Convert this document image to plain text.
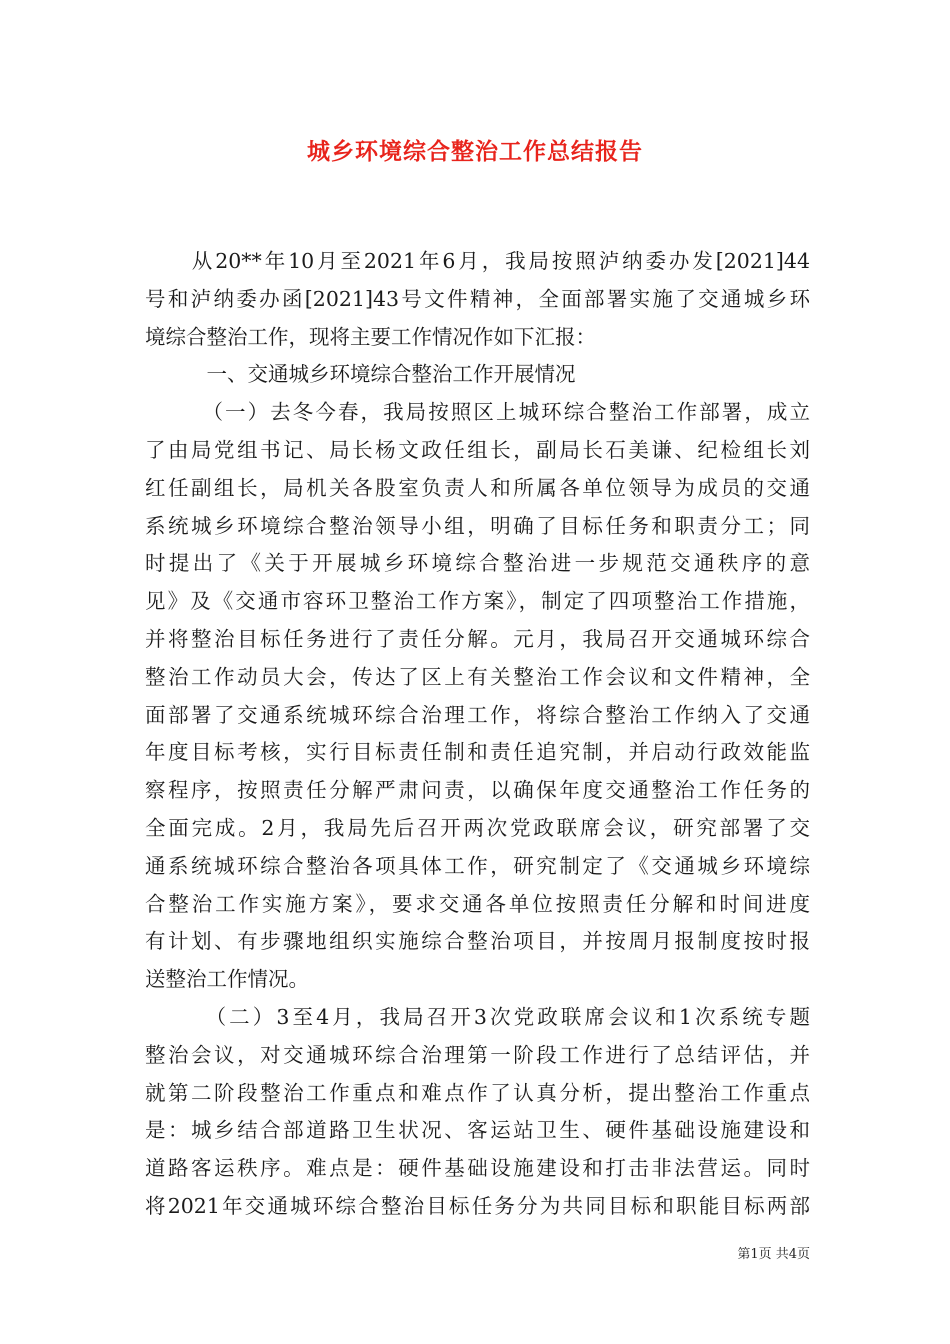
城乡环境综合整治工作总结报告
　　从20**年10月至2021年6月，我局按照泸纳委办发[2021]44
号和泸纳委办函[2021]43号文件精神，全面部署实施了交通城乡环
境综合整治工作，现将主要工作情况作如下汇报：
　　　一、交通城乡环境综合整治工作开展情况
　　　（一）去冬今春，我局按照区上城环综合整治工作部署，成立
了由局党组书记、局长杨文政任组长，副局长石美谦、纪检组长刘
红任副组长，局机关各股室负责人和所属各单位领导为成员的交通
系统城乡环境综合整治领导小组，明确了目标任务和职责分工；同
时提出了《关于开展城乡环境综合整治进一步规范交通秩序的意
见》及《交通市容环卫整治工作方案》，制定了四项整治工作措施，
并将整治目标任务进行了责任分解。元月，我局召开交通城环综合
整治工作动员大会，传达了区上有关整治工作会议和文件精神，全
面部署了交通系统城环综合治理工作，将综合整治工作纳入了交通
年度目标考核，实行目标责任制和责任追究制，并启动行政效能监
察程序，按照责任分解严肃问责，以确保年度交通整治工作任务的
全面完成。2月，我局先后召开两次党政联席会议，研究部署了交
通系统城环综合整治各项具体工作，研究制定了《交通城乡环境综
合整治工作实施方案》，要求交通各单位按照责任分解和时间进度
有计划、有步骤地组织实施综合整治项目，并按周月报制度按时报
送整治工作情况。
　　　（二）3至4月，我局召开3次党政联席会议和1次系统专题
整治会议，对交通城环综合治理第一阶段工作进行了总结评估，并
就第二阶段整治工作重点和难点作了认真分析，提出整治工作重点
是：城乡结合部道路卫生状况、客运站卫生、硬件基础设施建设和
道路客运秩序。难点是：硬件基础设施建设和打击非法营运。同时
将2021年交通城环综合整治目标任务分为共同目标和职能目标两部
第1页 共4页
